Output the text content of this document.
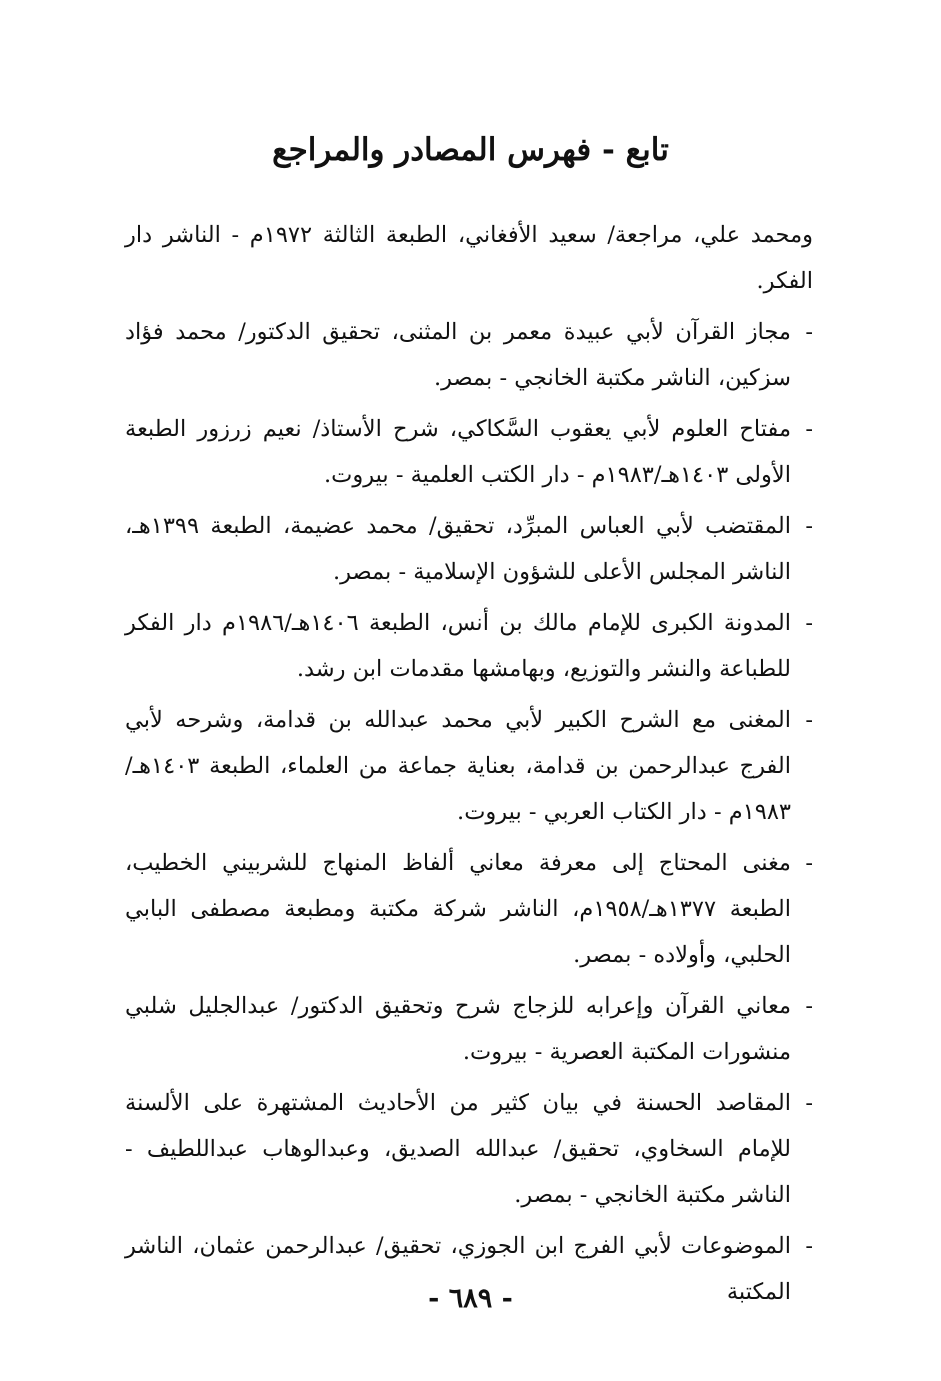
تابع - فهرس المصادر والمراجع
ومحمد علي، مراجعة/ سعيد الأفغاني، الطبعة الثالثة ١٩٧٢م - الناشر دار الفكر.
- مجاز القرآن لأبي عبيدة معمر بن المثنى، تحقيق الدكتور/ محمد فؤاد سزكين، الناشر مكتبة الخانجي - بمصر.
- مفتاح العلوم لأبي يعقوب السَّكاكي، شرح الأستاذ/ نعيم زرزور الطبعة الأولى ١٤٠٣هـ/١٩٨٣م - دار الكتب العلمية - بيروت.
- المقتضب لأبي العباس المبرِّد، تحقيق/ محمد عضيمة، الطبعة ١٣٩٩هـ، الناشر المجلس الأعلى للشؤون الإسلامية - بمصر.
- المدونة الكبرى للإمام مالك بن أنس، الطبعة ١٤٠٦هـ/١٩٨٦م دار الفكر للطباعة والنشر والتوزيع، وبهامشها مقدمات ابن رشد.
- المغنى مع الشرح الكبير لأبي محمد عبدالله بن قدامة، وشرحه لأبي الفرج عبدالرحمن بن قدامة، بعناية جماعة من العلماء، الطبعة ١٤٠٣هـ/١٩٨٣م - دار الكتاب العربي - بيروت.
- مغنى المحتاج إلى معرفة معاني ألفاظ المنهاج للشربيني الخطيب، الطبعة ١٣٧٧هـ/١٩٥٨م، الناشر شركة مكتبة ومطبعة مصطفى البابي الحلبي، وأولاده - بمصر.
- معاني القرآن وإعرابه للزجاج شرح وتحقيق الدكتور/ عبدالجليل شلبي منشورات المكتبة العصرية - بيروت.
- المقاصد الحسنة في بيان كثير من الأحاديث المشتهرة على الألسنة للإمام السخاوي، تحقيق/ عبدالله الصديق، وعبدالوهاب عبداللطيف - الناشر مكتبة الخانجي - بمصر.
- الموضوعات لأبي الفرج ابن الجوزي، تحقيق/ عبدالرحمن عثمان، الناشر المكتبة
- ٦٨٩ -
